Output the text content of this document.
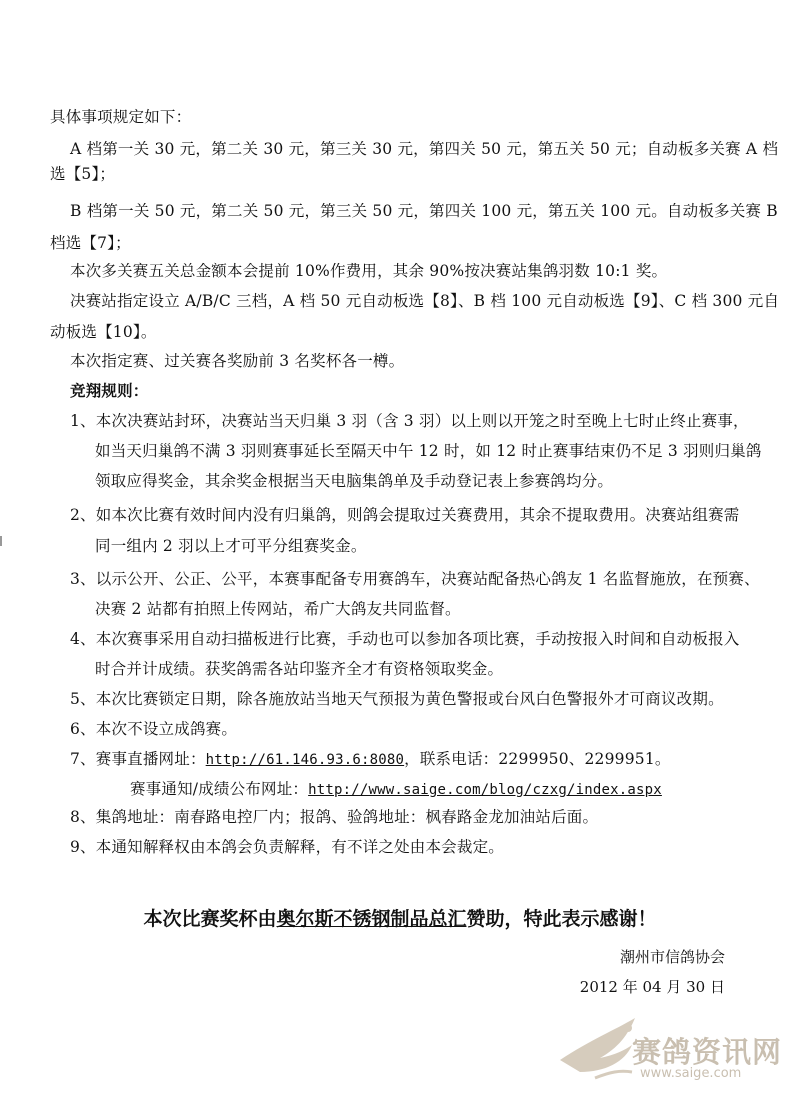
具体事项规定如下：
A 档第一关 30 元，第二关 30 元，第三关 30 元，第四关 50 元，第五关 50 元；自动板多关赛 A 档
选【5】；
B 档第一关 50 元，第二关 50 元，第三关 50 元，第四关 100 元，第五关 100 元。自动板多关赛 B
档选【7】；
本次多关赛五关总金额本会提前 10%作费用，其余 90%按决赛站集鸽羽数 10:1 奖。
决赛站指定设立 A/B/C 三档，A 档 50 元自动板选【8】、B 档 100 元自动板选【9】、C 档 300 元自
动板选【10】。
本次指定赛、过关赛各奖励前 3 名奖杯各一樽。
竞翔规则：
1、本次决赛站封环，决赛站当天归巢 3 羽（含 3 羽）以上则以开笼之时至晚上七时止终止赛事，
如当天归巢鸽不满 3 羽则赛事延长至隔天中午 12 时，如 12 时止赛事结束仍不足 3 羽则归巢鸽
领取应得奖金，其余奖金根据当天电脑集鸽单及手动登记表上参赛鸽均分。
2、如本次比赛有效时间内没有归巢鸽，则鸽会提取过关赛费用，其余不提取费用。决赛站组赛需
同一组内 2 羽以上才可平分组赛奖金。
3、以示公开、公正、公平，本赛事配备专用赛鸽车，决赛站配备热心鸽友 1 名监督施放，在预赛、
决赛 2 站都有拍照上传网站，希广大鸽友共同监督。
4、本次赛事采用自动扫描板进行比赛，手动也可以参加各项比赛，手动按报入时间和自动板报入
时合并计成绩。获奖鸽需各站印鉴齐全才有资格领取奖金。
5、本次比赛锁定日期，除各施放站当地天气预报为黄色警报或台风白色警报外才可商议改期。
6、本次不设立成鸽赛。
7、赛事直播网址：http://61.146.93.6:8080，联系电话：2299950、2299951。
赛事通知/成绩公布网址：http://www.saige.com/blog/czxg/index.aspx
8、集鸽地址：南春路电控厂内；报鸽、验鸽地址：枫春路金龙加油站后面。
9、本通知解释权由本鸽会负责解释，有不详之处由本会裁定。
本次比赛奖杯由奥尔斯不锈钢制品总汇赞助，特此表示感谢！
潮州市信鸽协会
2012 年 04 月 30 日
赛鸽资讯网
www.saige.com
